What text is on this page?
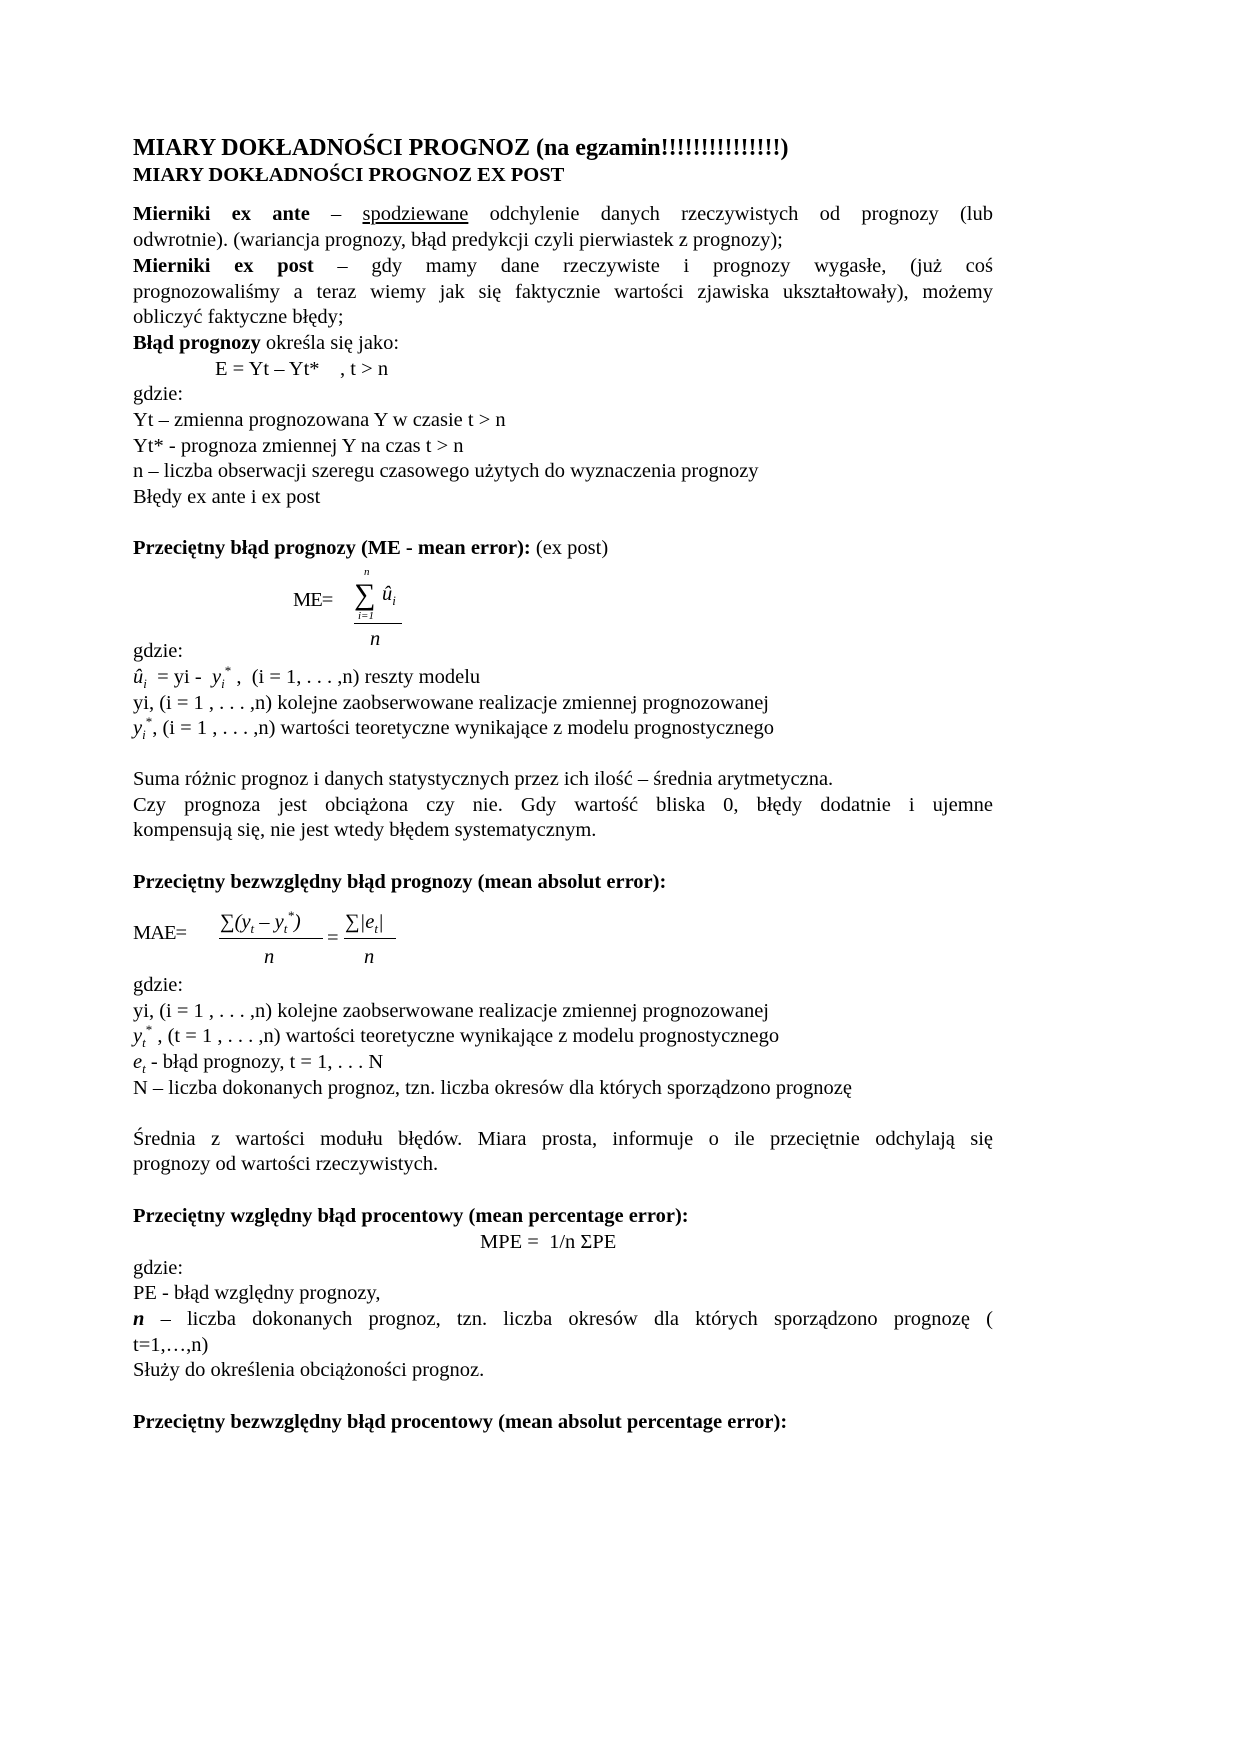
MIARY DOKŁADNOŚCI PROGNOZ (na egzamin!!!!!!!!!!!!!!!)
MIARY DOKŁADNOŚCI PROGNOZ EX POST
Mierniki ex ante – spodziewane odchylenie danych rzeczywistych od prognozy (lub
odwrotnie). (wariancja prognozy, błąd predykcji czyli pierwiastek z prognozy);
Mierniki ex post – gdy mamy dane rzeczywiste i prognozy wygasłe, (już coś
prognozowaliśmy a teraz wiemy jak się faktycznie wartości zjawiska ukształtowały), możemy
obliczyć faktyczne błędy;
Błąd prognozy określa się jako:
E = Yt – Yt*    , t > n
gdzie:
Yt – zmienna prognozowana Y w czasie t > n
Yt* - prognoza zmiennej Y na czas t > n
n – liczba obserwacji szeregu czasowego użytych do wyznaczenia prognozy
Błędy ex ante i ex post
Przeciętny błąd prognozy (ME - mean error): (ex post)
ME=
n
∑
i=1
$û_i$
n
gdzie:
$û_i$  = yi -  $y_i^*$ ,  (i = 1, . . . ,n) reszty modelu
yi, (i = 1 , . . . ,n) kolejne zaobserwowane realizacje zmiennej prognozowanej
$y_i^*$, (i = 1 , . . . ,n) wartości teoretyczne wynikające z modelu prognostycznego
Suma różnic prognoz i danych statystycznych przez ich ilość – średnia arytmetyczna.
Czy prognoza jest obciążona czy nie. Gdy wartość bliska 0, błędy dodatnie i ujemne
kompensują się, nie jest wtedy błędem systematycznym.
Przeciętny bezwzględny błąd prognozy (mean absolut error):
$MAE= \sum(y_t - y_t^*)$
=
$\sum|e_t|$
n	n
gdzie:
yi, (i = 1 , . . . ,n) kolejne zaobserwowane realizacje zmiennej prognozowanej
$y_t^*$ , (t = 1 , . . . ,n) wartości teoretyczne wynikające z modelu prognostycznego
$e_t$ - błąd prognozy, t = 1, . . . N
N – liczba dokonanych prognoz, tzn. liczba okresów dla których sporządzono prognozę
Średnia z wartości modułu błędów. Miara prosta, informuje o ile przeciętnie odchylają się
prognozy od wartości rzeczywistych.
Przeciętny względny błąd procentowy (mean percentage error):
MPE =  1/n ΣPE
gdzie:
PE - błąd względny prognozy,
n – liczba dokonanych prognoz, tzn. liczba okresów dla których sporządzono prognozę (
t=1,…,n)
Służy do określenia obciążoności prognoz.
Przeciętny bezwzględny błąd procentowy (mean absolut percentage error):
